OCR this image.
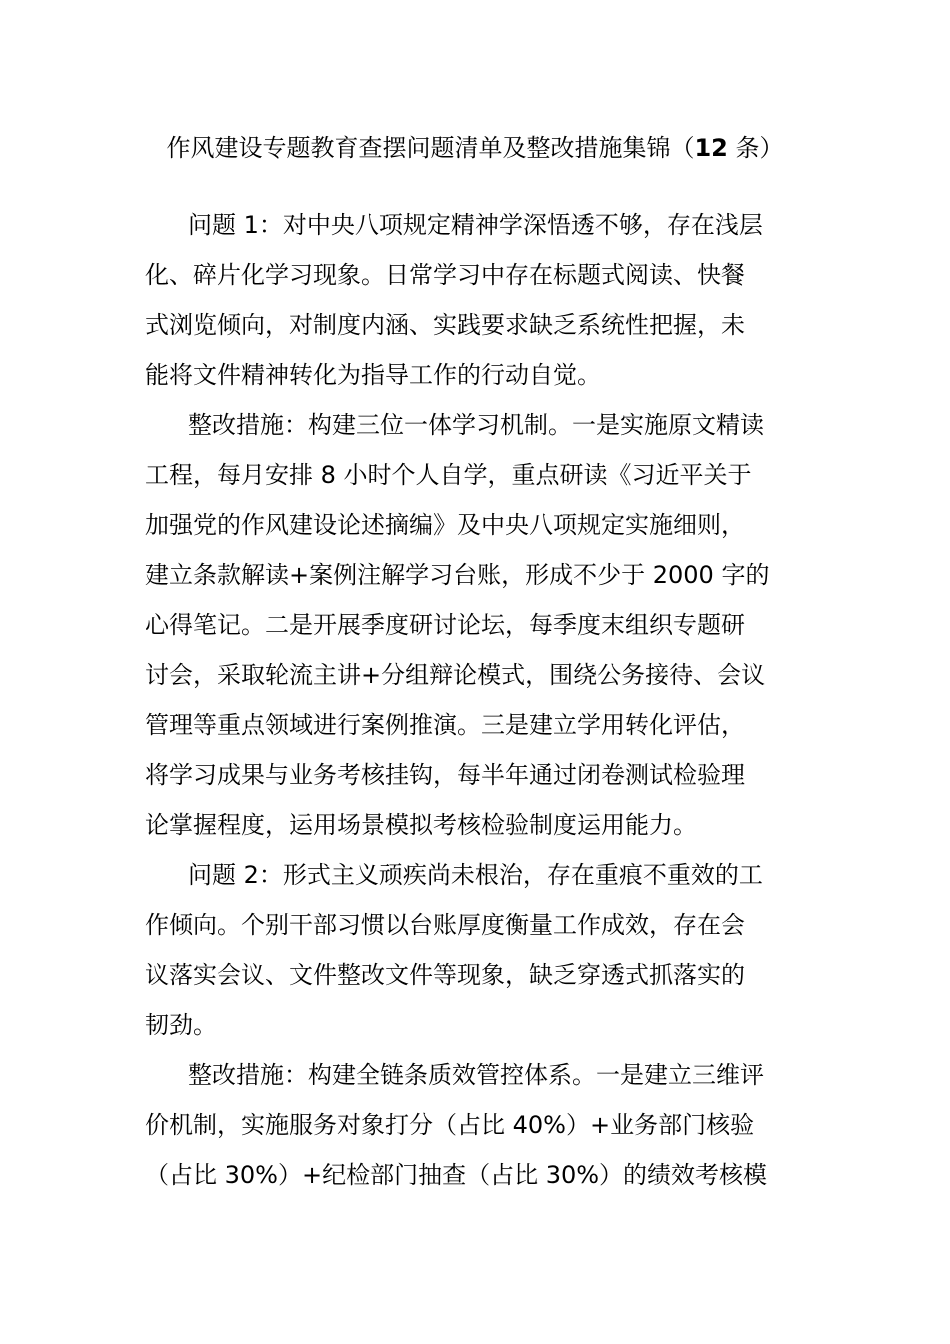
作风建设专题教育查摆问题清单及整改措施集锦（12 条）
问题 1：对中央八项规定精神学深悟透不够，存在浅层
化、碎片化学习现象。日常学习中存在标题式阅读、快餐
式浏览倾向，对制度内涵、实践要求缺乏系统性把握，未
能将文件精神转化为指导工作的行动自觉。
整改措施：构建三位一体学习机制。一是实施原文精读
工程，每月安排 8 小时个人自学，重点研读《习近平关于
加强党的作风建设论述摘编》及中央八项规定实施细则，
建立条款解读+案例注解学习台账，形成不少于 2000 字的
心得笔记。二是开展季度研讨论坛，每季度末组织专题研
讨会，采取轮流主讲+分组辩论模式，围绕公务接待、会议
管理等重点领域进行案例推演。三是建立学用转化评估，
将学习成果与业务考核挂钩，每半年通过闭卷测试检验理
论掌握程度，运用场景模拟考核检验制度运用能力。
问题 2：形式主义顽疾尚未根治，存在重痕不重效的工
作倾向。个别干部习惯以台账厚度衡量工作成效，存在会
议落实会议、文件整改文件等现象，缺乏穿透式抓落实的
韧劲。
整改措施：构建全链条质效管控体系。一是建立三维评
价机制，实施服务对象打分（占比 40%）+业务部门核验
（占比 30%）+纪检部门抽查（占比 30%）的绩效考核模
